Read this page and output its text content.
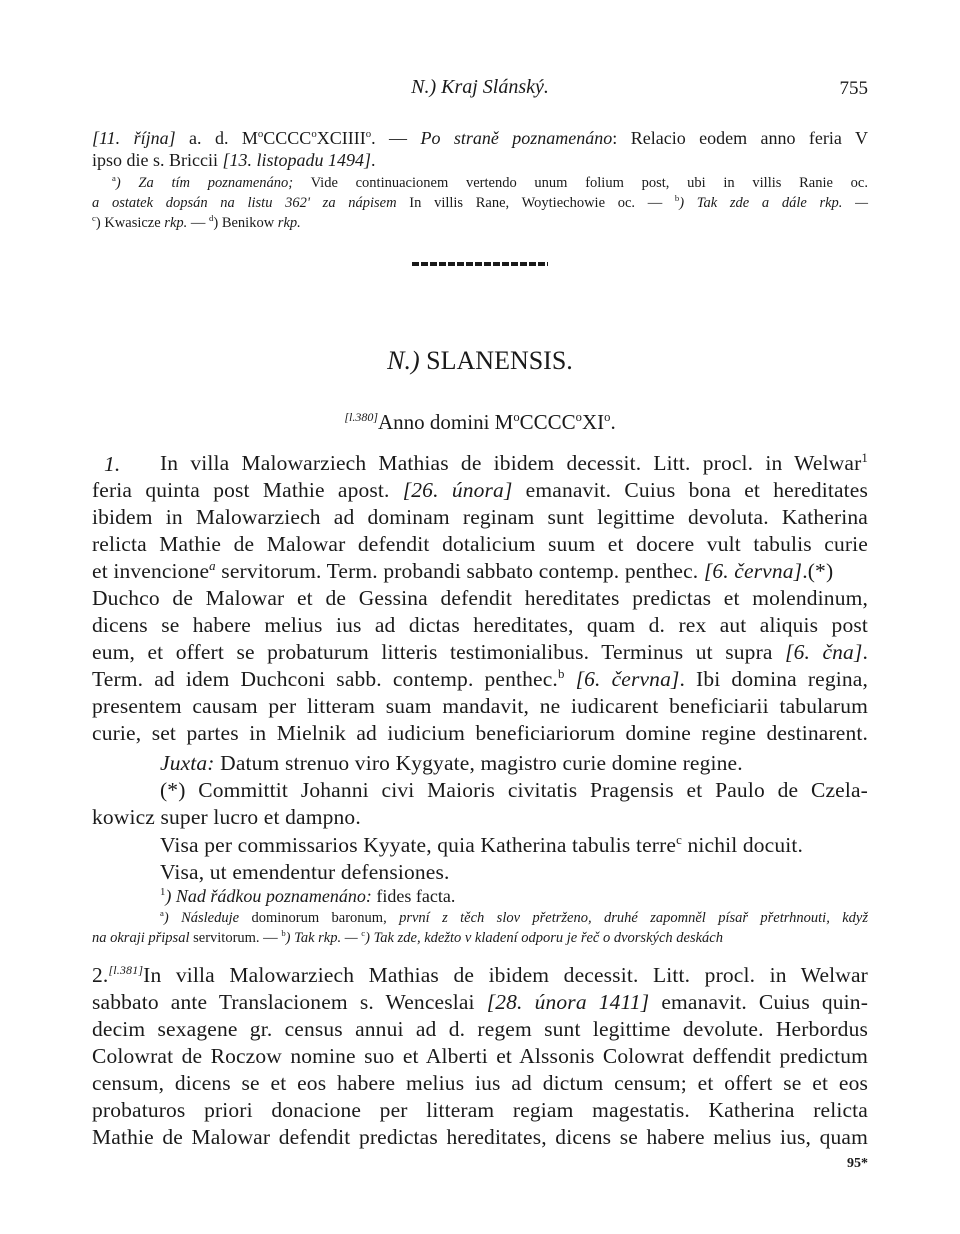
N.) Kraj Slánský.	755
[11. října] a. d. $M^oCCCC^oXCIIII^o$. — Po straně poznamenáno: Relacio eodem anno feria V
ipso die s. Briccii [13. listopadu 1494].
$^a$) Za tím poznamenáno; Vide continuacionem vertendo unum folium post, ubi in villis Ranie oc.
a ostatek dopsán na listu 362' za nápisem In villis Rane, Woytiechowie oc. — $^b$) Tak zde a dále rkp. —
$^c$) Kwasicze rkp. — $^d$) Benikow rkp.
N.) SLANENSIS.
[l.380]Anno domini $M^oCCCC^oXI^o$.
1. In villa Malowarziech Mathias de ibidem decessit. Litt. procl. in Welwar$^1$
feria quinta post Mathie apost. [26. února] emanavit. Cuius bona et hereditates
ibidem in Malowarziech ad dominam reginam sunt legittime devoluta. Katherina
relicta Mathie de Malowar defendit dotalicium suum et docere vult tabulis curie
et invencione$^a$ servitorum. Term. probandi sabbato contemp. penthec. [6. června].(*)
Duchco de Malowar et de Gessina defendit hereditates predictas et molendinum,
dicens se habere melius ius ad dictas hereditates, quam d. rex aut aliquis post
eum, et offert se probaturum litteris testimonialibus. Terminus ut supra [6. čna].
Term. ad idem Duchconi sabb. contemp. penthec.$^b$ [6. června]. Ibi domina regina,
presentem causam per litteram suam mandavit, ne iudicarent beneficiarii tabularum
curie, set partes in Mielnik ad iudicium beneficiariorum domine regine destinarent.
Juxta: Datum strenuo viro Kygyate, magistro curie domine regine.
(*) Committit Johanni civi Maioris civitatis Pragensis et Paulo de Czela-
kowicz super lucro et dampno.
Visa per commissarios Kyyate, quia Katherina tabulis terre$^c$ nichil docuit.
Visa, ut emendentur defensiones.
$^1$) Nad řádkou poznamenáno: fides facta.
$^a$) Následuje dominorum baronum, první z těch slov přetrženo, druhé zapomněl písař přetrhnouti, když
na okraji připsal servitorum. — $^b$) Tak rkp. — $^c$) Tak zde, kdežto v kladení odporu je řeč o dvorských deskách
2.[l.381]In villa Malowarziech Mathias de ibidem decessit. Litt. procl. in Welwar
sabbato ante Translacionem s. Wenceslai [28. února 1411] emanavit. Cuius quin-
decim sexagene gr. census annui ad d. regem sunt legittime devolute. Herbordus
Colowrat de Roczow nomine suo et Alberti et Alssonis Colowrat deffendit predictum
censum, dicens se et eos habere melius ius ad dictum censum; et offert se et eos
probaturos priori donacione per litteram regiam magestatis. Katherina relicta
Mathie de Malowar defendit predictas hereditates, dicens se habere melius ius, quam
95*
